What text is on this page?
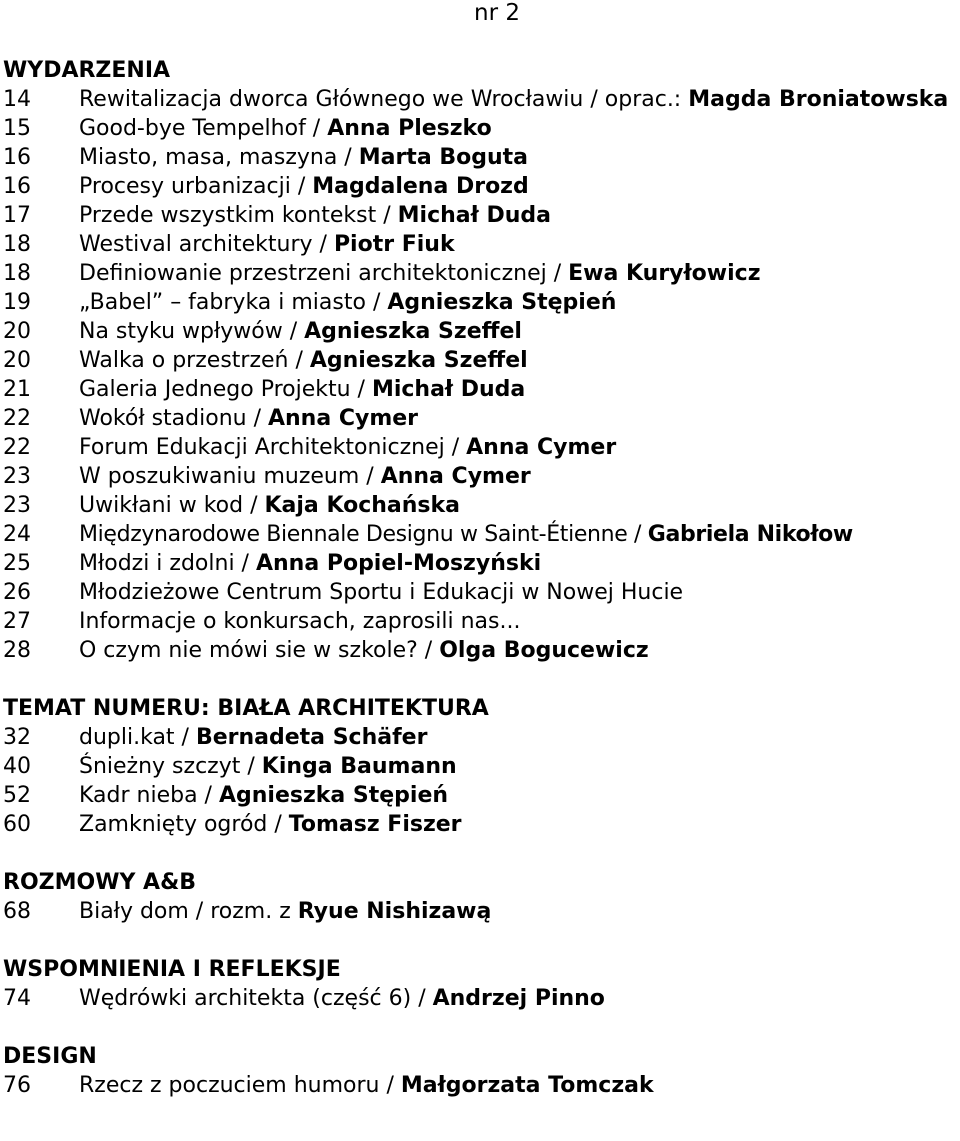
nr 2
WYDARZENIA
14	Rewitalizacja dworca Głównego we Wrocławiu / oprac.: Magda Broniatowska
15	Good-bye Tempelhof / Anna Pleszko
16	Miasto, masa, maszyna / Marta Boguta
16	Procesy urbanizacji / Magdalena Drozd
17	Przede wszystkim kontekst / Michał Duda
18	Westival architektury / Piotr Fiuk
18	Definiowanie przestrzeni architektonicznej / Ewa Kuryłowicz
19	„Babel” – fabryka i miasto / Agnieszka Stępień
20	Na styku wpływów / Agnieszka Szeffel
20	Walka o przestrzeń / Agnieszka Szeffel
21	Galeria Jednego Projektu / Michał Duda
22	Wokół stadionu / Anna Cymer
22	Forum Edukacji Architektonicznej / Anna Cymer
23	W poszukiwaniu muzeum / Anna Cymer
23	Uwikłani w kod / Kaja Kochańska
24	Międzynarodowe Biennale Designu w Saint-Étienne / Gabriela Nikołow
25	Młodzi i zdolni / Anna Popiel-Moszyński
26	Młodzieżowe Centrum Sportu i Edukacji w Nowej Hucie
27	Informacje o konkursach, zaprosili nas...
28	O czym nie mówi sie w szkole? / Olga Bogucewicz
TEMAT NUMERU: BIAŁA ARCHITEKTURA
32	dupli.kat / Bernadeta Schäfer
40	Śnieżny szczyt / Kinga Baumann
52	Kadr nieba / Agnieszka Stępień
60	Zamknięty ogród / Tomasz Fiszer
ROZMOWY A&B
68	Biały dom / rozm. z Ryue Nishizawą
WSPOMNIENIA I REFLEKSJE
74	Wędrówki architekta (część 6) / Andrzej Pinno
DESIGN
76	Rzecz z poczuciem humoru / Małgorzata Tomczak
